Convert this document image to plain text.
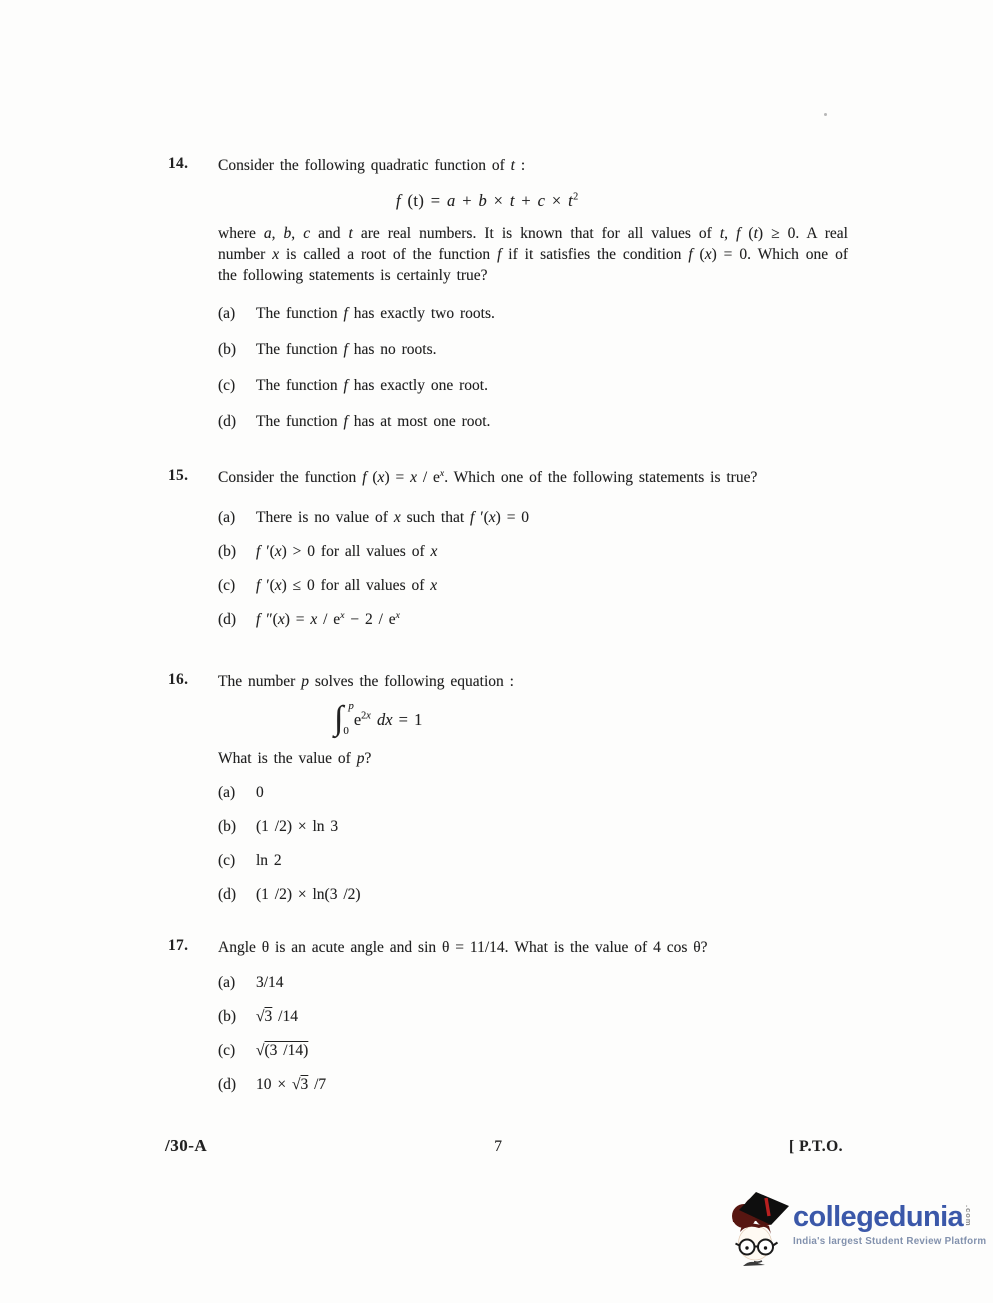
14.	Consider the following quadratic function of t :

f $(t) = a + b \times t + c \times t^2$

where a, b, c and t are real numbers. It is known that for all values of t, f (t) ≥ 0. A real number x is called a root of the function f if it satisfies the condition f (x) = 0. Which one of the following statements is certainly true?

(a)	The function f has exactly two roots.
(b)	The function f has no roots.
(c)	The function f has exactly one root.
(d)	The function f has at most one root.
15.	Consider the function f $(x) = x / e^x$. Which one of the following statements is true?

(a)	There is no value of x such that f ′(x) = 0
(b)	f ′(x) > 0 for all values of x
(c)	f ′(x) ≤ 0 for all values of x
(d)	f $''(x) = x / e^x - 2 / e^x$
16.	The number p solves the following equation :

∫ p
0
$e^{2x}$ dx = 1

What is the value of p?

(a)	0
(b)	(1 /2) × ln 3
(c)	ln 2
(d)	(1 /2) × ln(3 /2)
17.	Angle θ is an acute angle and sin θ = 11/14. What is the value of 4 cos θ?

(a)	3/14
(b)	√3 /14
(c)	√(3 /14)
(d)	10 × √3 /7
/30-A	7	[ P.T.O.
collegedunia .com
India's largest Student Review Platform
